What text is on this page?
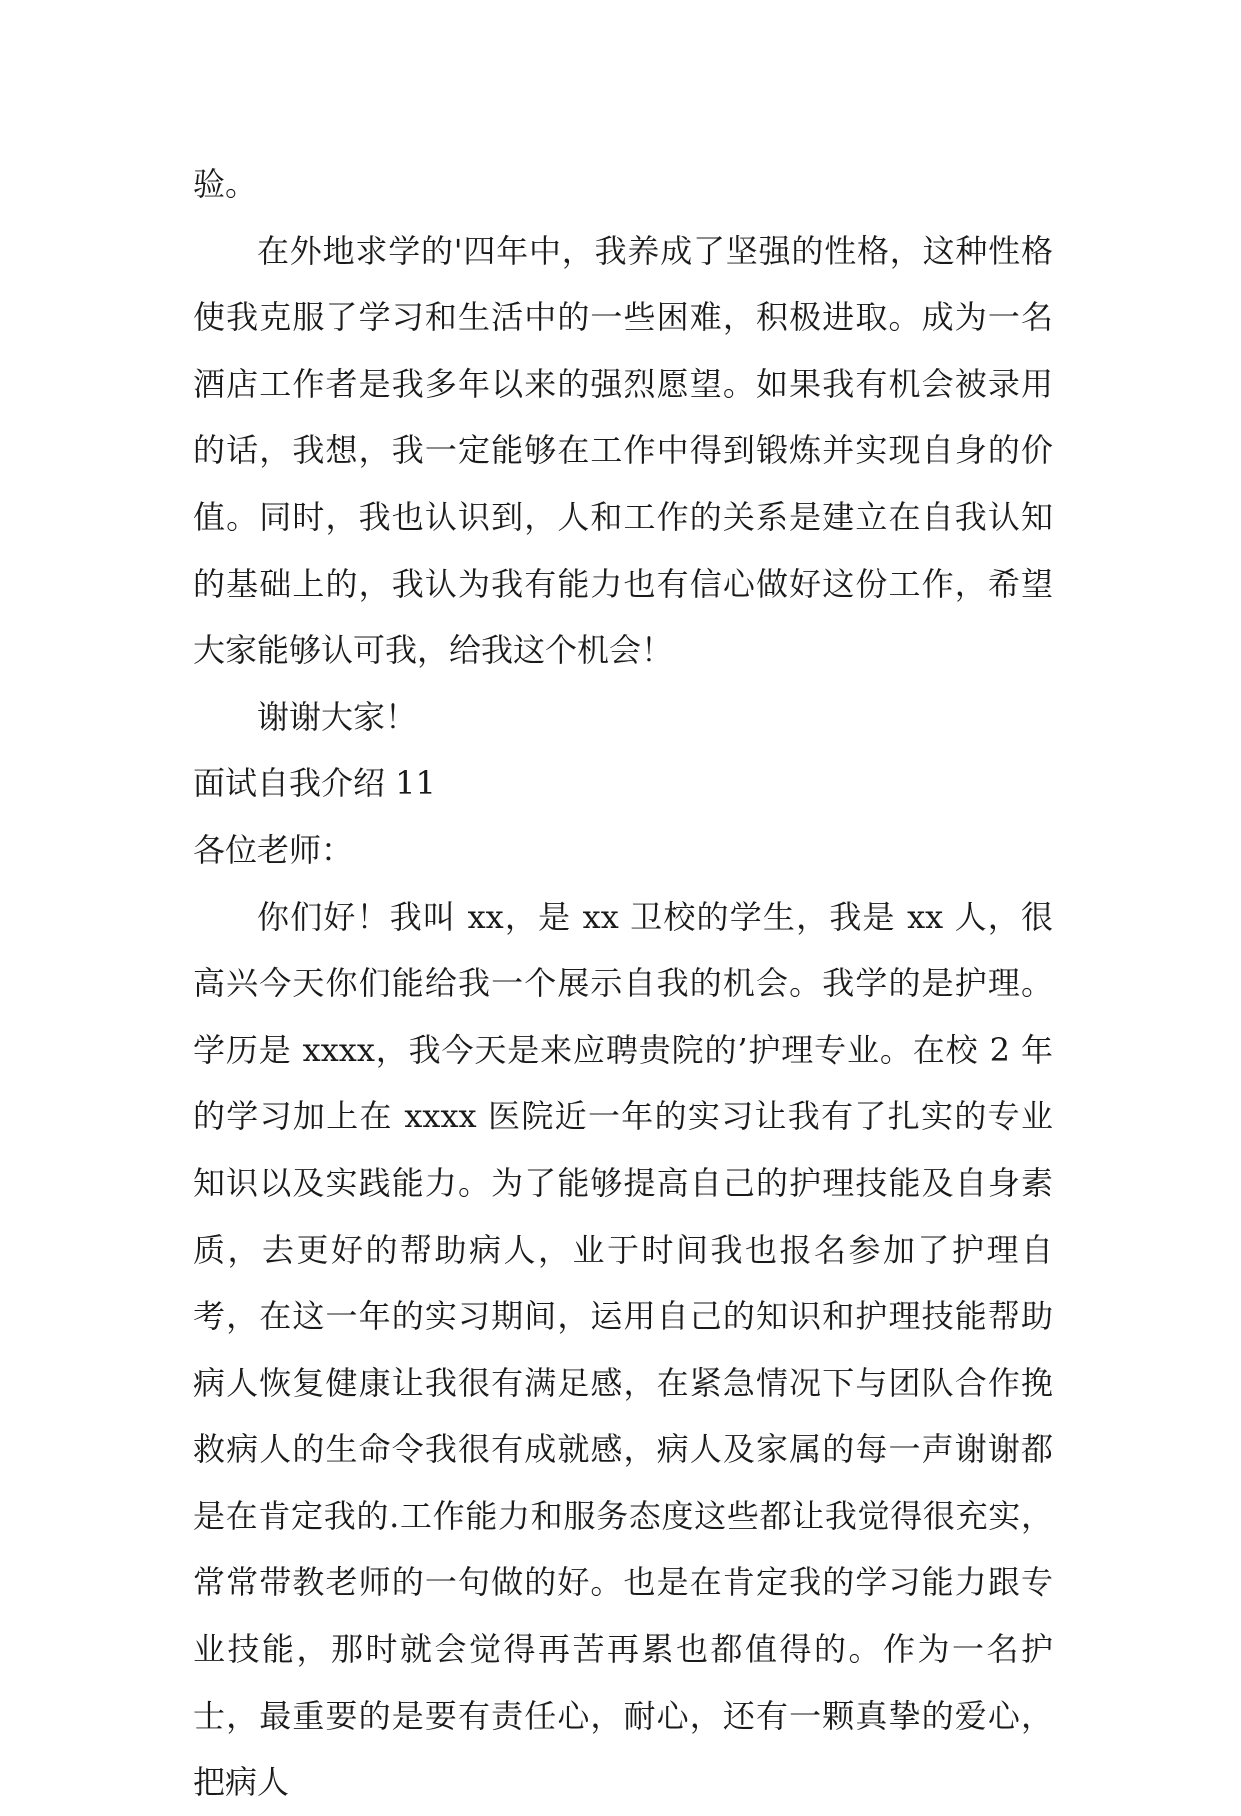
验。

在外地求学的'四年中，我养成了坚强的性格，这种性格使我克服了学习和生活中的一些困难，积极进取。成为一名酒店工作者是我多年以来的强烈愿望。如果我有机会被录用的话，我想，我一定能够在工作中得到锻炼并实现自身的价值。同时，我也认识到，人和工作的关系是建立在自我认知的基础上的，我认为我有能力也有信心做好这份工作，希望大家能够认可我，给我这个机会！

谢谢大家！

面试自我介绍 11

各位老师：

你们好！我叫 xx，是 xx 卫校的学生，我是 xx 人，很高兴今天你们能给我一个展示自我的机会。我学的是护理。学历是 xxxx，我今天是来应聘贵院的’护理专业。在校 2 年的学习加上在 xxxx 医院近一年的实习让我有了扎实的专业知识以及实践能力。为了能够提高自己的护理技能及自身素质，去更好的帮助病人，业于时间我也报名参加了护理自考，在这一年的实习期间，运用自己的知识和护理技能帮助病人恢复健康让我很有满足感，在紧急情况下与团队合作挽救病人的生命令我很有成就感，病人及家属的每一声谢谢都是在肯定我的.工作能力和服务态度这些都让我觉得很充实，常常带教老师的一句做的好。也是在肯定我的学习能力跟专业技能，那时就会觉得再苦再累也都值得的。作为一名护士，最重要的是要有责任心，耐心，还有一颗真挚的爱心，把病人
